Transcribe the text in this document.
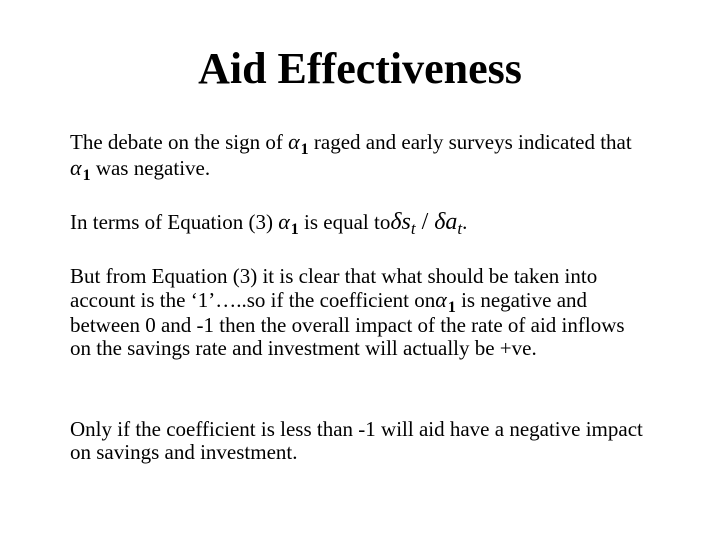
Aid Effectiveness
The debate on the sign of $\alpha_1$ raged and early surveys indicated that $\alpha_1$ was negative.
In terms of Equation (3) $\alpha_1$ is equal $to\delta s_t / \delta a_t$.
But from Equation (3) it is clear that what should be taken into account is the ‘1’…..so if the coefficient onα$_1$ is negative and between 0 and -1 then the overall impact of the rate of aid inflows on the savings rate and investment will actually be +ve.
Only if the coefficient is less than -1 will aid have a negative impact on savings and investment.
